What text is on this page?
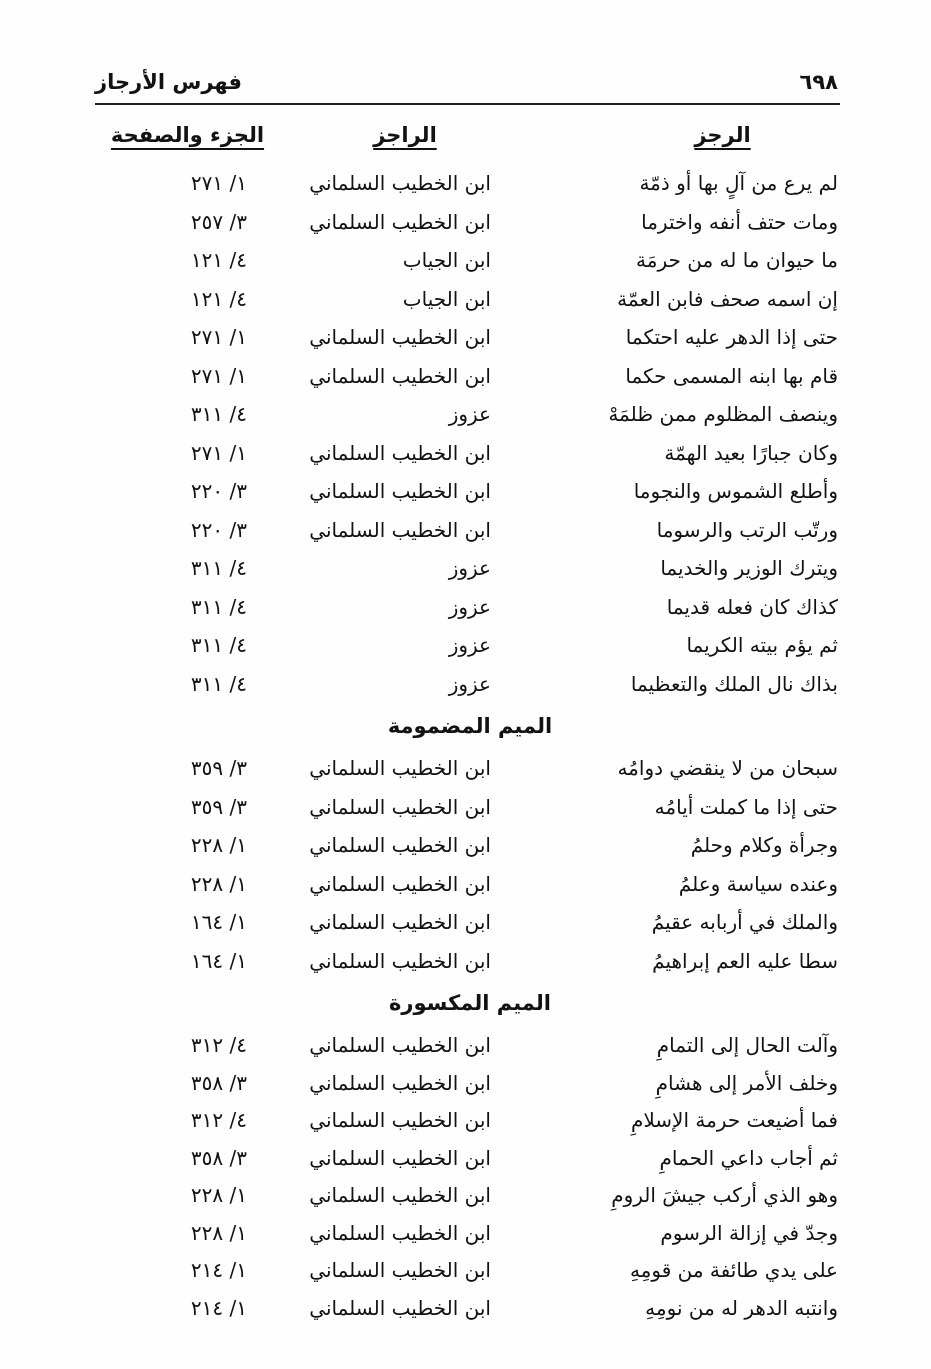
فهرس الأرجاز	٦٩٨
الرجز
الراجز
الجزء والصفحة
لم يرع من آلٍ بها أو ذمّة
ابن الخطيب السلماني
١/ ٢٧١
ومات حتف أنفه واخترما
ابن الخطيب السلماني
٣/ ٢٥٧
ما حيوان ما له من حرمَة
ابن الجياب
٤/ ١٢١
إن اسمه صحف فابن العمّة
ابن الجياب
٤/ ١٢١
حتى إذا الدهر عليه احتكما
ابن الخطيب السلماني
١/ ٢٧١
قام بها ابنه المسمى حكما
ابن الخطيب السلماني
١/ ٢٧١
وينصف المظلوم ممن ظلمَهْ
عزوز
٤/ ٣١١
وكان جبارًا بعيد الهمّة
ابن الخطيب السلماني
١/ ٢٧١
وأطلع الشموس والنجوما
ابن الخطيب السلماني
٣/ ٢٢٠
ورتّب الرتب والرسوما
ابن الخطيب السلماني
٣/ ٢٢٠
ويترك الوزير والخديما
عزوز
٤/ ٣١١
كذاك كان فعله قديما
عزوز
٤/ ٣١١
ثم يؤم بيته الكريما
عزوز
٤/ ٣١١
بذاك نال الملك والتعظيما
عزوز
٤/ ٣١١
الميم المضمومة
سبحان من لا ينقضي دوامُه
ابن الخطيب السلماني
٣/ ٣٥٩
حتى إذا ما كملت أيامُه
ابن الخطيب السلماني
٣/ ٣٥٩
وجرأة وكلام وحلمُ
ابن الخطيب السلماني
١/ ٢٢٨
وعنده سياسة وعلمُ
ابن الخطيب السلماني
١/ ٢٢٨
والملك في أربابه عقيمُ
ابن الخطيب السلماني
١/ ١٦٤
سطا عليه العم إبراهيمُ
ابن الخطيب السلماني
١/ ١٦٤
الميم المكسورة
وآلت الحال إلى التمامِ
ابن الخطيب السلماني
٤/ ٣١٢
وخلف الأمر إلى هشامِ
ابن الخطيب السلماني
٣/ ٣٥٨
فما أضيعت حرمة الإسلامِ
ابن الخطيب السلماني
٤/ ٣١٢
ثم أجاب داعي الحمامِ
ابن الخطيب السلماني
٣/ ٣٥٨
وهو الذي أركب جيشَ الرومِ
ابن الخطيب السلماني
١/ ٢٢٨
وجدّ في إزالة الرسوم
ابن الخطيب السلماني
١/ ٢٢٨
على يدي طائفة من قومِهِ
ابن الخطيب السلماني
١/ ٢١٤
وانتبه الدهر له من نومِهِ
ابن الخطيب السلماني
١/ ٢١٤
